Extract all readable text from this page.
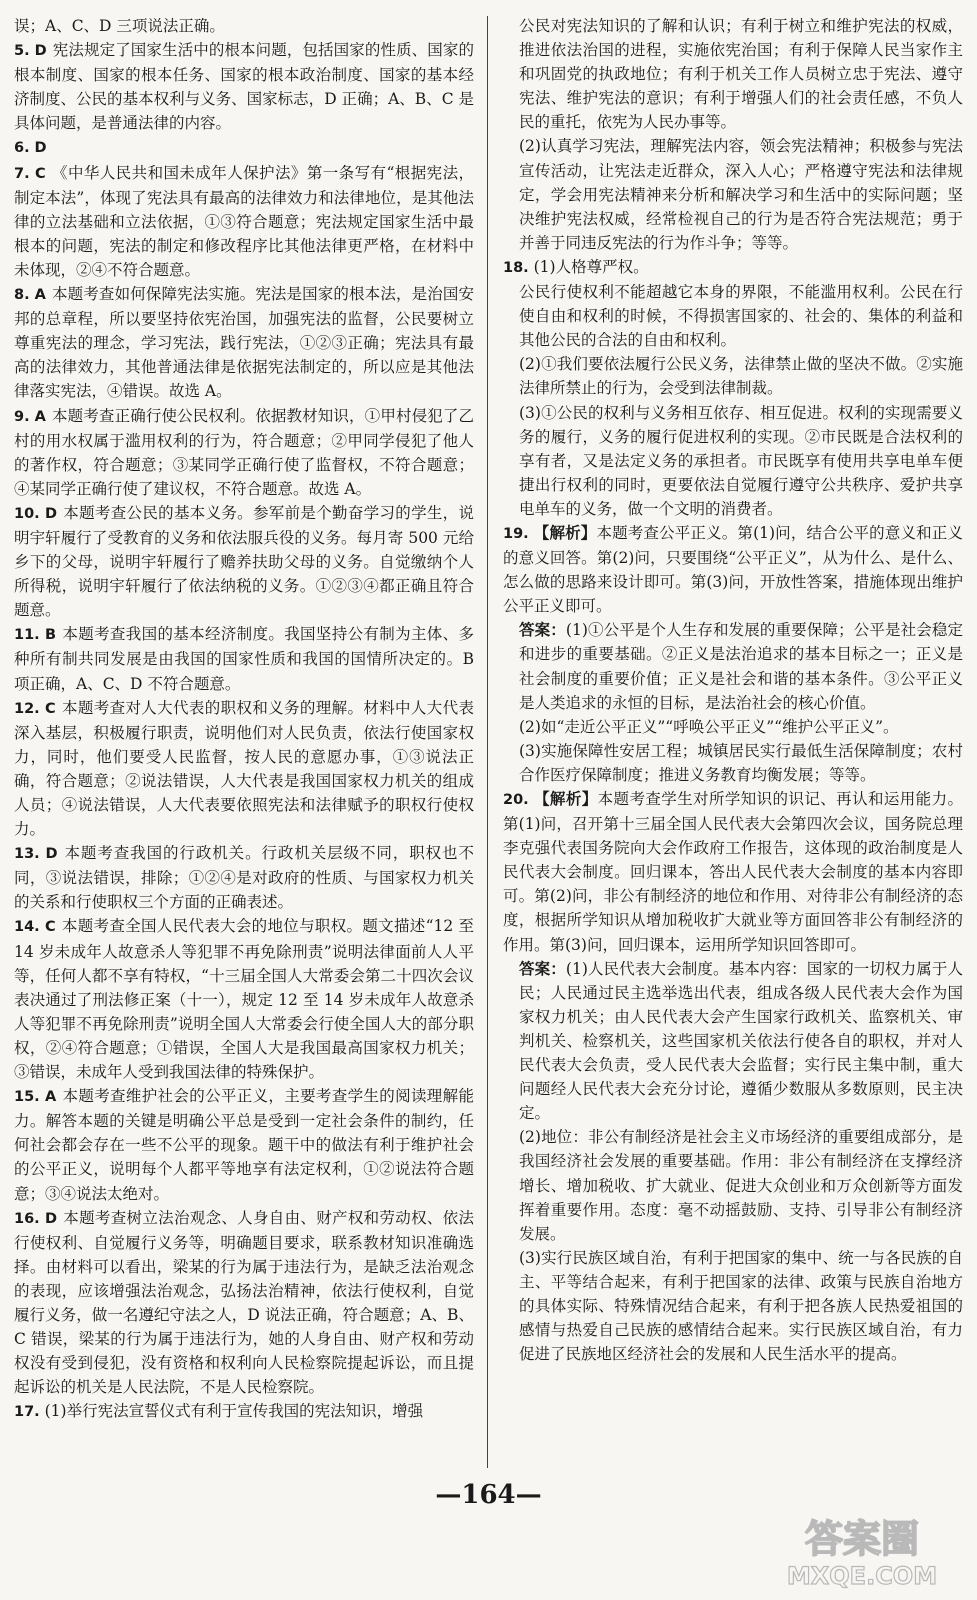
误；A、C、D 三项说法正确。

5. D 宪法规定了国家生活中的根本问题，包括国家的性质、国家的根本制度、国家的根本任务、国家的根本政治制度、国家的基本经济制度、公民的基本权利与义务、国家标志，D 正确；A、B、C 是具体问题，是普通法律的内容。

6. D

7. C 《中华人民共和国未成年人保护法》第一条写有“根据宪法，制定本法”，体现了宪法具有最高的法律效力和法律地位，是其他法律的立法基础和立法依据，①③符合题意；宪法规定国家生活中最根本的问题，宪法的制定和修改程序比其他法律更严格，在材料中未体现，②④不符合题意。

8. A 本题考查如何保障宪法实施。宪法是国家的根本法，是治国安邦的总章程，所以要坚持依宪治国，加强宪法的监督，公民要树立尊重宪法的理念，学习宪法，践行宪法，①②③正确；宪法具有最高的法律效力，其他普通法律是依据宪法制定的，所以应是其他法律落实宪法，④错误。故选 A。

9. A 本题考查正确行使公民权利。依据教材知识，①甲村侵犯了乙村的用水权属于滥用权利的行为，符合题意；②甲同学侵犯了他人的著作权，符合题意；③某同学正确行使了监督权，不符合题意；④某同学正确行使了建议权，不符合题意。故选 A。

10. D 本题考查公民的基本义务。参军前是个勤奋学习的学生，说明宇轩履行了受教育的义务和依法服兵役的义务。每月寄 500 元给乡下的父母，说明宇轩履行了赡养扶助父母的义务。自觉缴纳个人所得税，说明宇轩履行了依法纳税的义务。①②③④都正确且符合题意。

11. B 本题考查我国的基本经济制度。我国坚持公有制为主体、多种所有制共同发展是由我国的国家性质和我国的国情所决定的。B 项正确，A、C、D 不符合题意。

12. C 本题考查对人大代表的职权和义务的理解。材料中人大代表深入基层，积极履行职责，说明他们对人民负责，依法行使国家权力，同时，他们要受人民监督，按人民的意愿办事，①③说法正确，符合题意；②说法错误，人大代表是我国国家权力机关的组成人员；④说法错误，人大代表要依照宪法和法律赋予的职权行使权力。

13. D 本题考查我国的行政机关。行政机关层级不同，职权也不同，③说法错误，排除；①②④是对政府的性质、与国家权力机关的关系和行使职权三个方面的正确表述。

14. C 本题考查全国人民代表大会的地位与职权。题文描述“12 至 14 岁未成年人故意杀人等犯罪不再免除刑责”说明法律面前人人平等，任何人都不享有特权，“十三届全国人大常委会第二十四次会议表决通过了刑法修正案（十一），规定 12 至 14 岁未成年人故意杀人等犯罪不再免除刑责”说明全国人大常委会行使全国人大的部分职权，②④符合题意；①错误，全国人大是我国最高国家权力机关；③错误，未成年人受到我国法律的特殊保护。

15. A 本题考查维护社会的公平正义，主要考查学生的阅读理解能力。解答本题的关键是明确公平总是受到一定社会条件的制约，任何社会都会存在一些不公平的现象。题干中的做法有利于维护社会的公平正义，说明每个人都平等地享有法定权利，①②说法符合题意；③④说法太绝对。

16. D 本题考查树立法治观念、人身自由、财产权和劳动权、依法行使权利、自觉履行义务等，明确题目要求，联系教材知识准确选择。由材料可以看出，梁某的行为属于违法行为，是缺乏法治观念的表现，应该增强法治观念，弘扬法治精神，依法行使权利，自觉履行义务，做一名遵纪守法之人，D 说法正确，符合题意；A、B、C 错误，梁某的行为属于违法行为，她的人身自由、财产权和劳动权没有受到侵犯，没有资格和权利向人民检察院提起诉讼，而且提起诉讼的机关是人民法院，不是人民检察院。

17. (1)举行宪法宣誓仪式有利于宣传我国的宪法知识，增强

公民对宪法知识的了解和认识；有利于树立和维护宪法的权威，推进依法治国的进程，实施依宪治国；有利于保障人民当家作主和巩固党的执政地位；有利于机关工作人员树立忠于宪法、遵守宪法、维护宪法的意识；有利于增强人们的社会责任感，不负人民的重托，依宪为人民办事等。

(2)认真学习宪法，理解宪法内容，领会宪法精神；积极参与宪法宣传活动，让宪法走近群众，深入人心；严格遵守宪法和法律规定，学会用宪法精神来分析和解决学习和生活中的实际问题；坚决维护宪法权威，经常检视自己的行为是否符合宪法规范；勇于并善于同违反宪法的行为作斗争；等等。

18. (1)人格尊严权。

公民行使权利不能超越它本身的界限，不能滥用权利。公民在行使自由和权利的时候，不得损害国家的、社会的、集体的利益和其他公民的合法的自由和权利。

(2)①我们要依法履行公民义务，法律禁止做的坚决不做。②实施法律所禁止的行为，会受到法律制裁。

(3)①公民的权利与义务相互依存、相互促进。权利的实现需要义务的履行，义务的履行促进权利的实现。②市民既是合法权利的享有者，又是法定义务的承担者。市民既享有使用共享电单车便捷出行权利的同时，更要依法自觉履行遵守公共秩序、爱护共享电单车的义务，做一个文明的消费者。

19. 【解析】本题考查公平正义。第(1)问，结合公平的意义和正义的意义回答。第(2)问，只要围绕“公平正义”，从为什么、是什么、怎么做的思路来设计即可。第(3)问，开放性答案，措施体现出维护公平正义即可。

答案：(1)①公平是个人生存和发展的重要保障；公平是社会稳定和进步的重要基础。②正义是法治追求的基本目标之一；正义是社会制度的重要价值；正义是社会和谐的基本条件。③公平正义是人类追求的永恒的目标，是法治社会的核心价值。

(2)如“走近公平正义”“呼唤公平正义”“维护公平正义”。

(3)实施保障性安居工程；城镇居民实行最低生活保障制度；农村合作医疗保障制度；推进义务教育均衡发展；等等。

20. 【解析】本题考查学生对所学知识的识记、再认和运用能力。第(1)问，召开第十三届全国人民代表大会第四次会议，国务院总理李克强代表国务院向大会作政府工作报告，这体现的政治制度是人民代表大会制度。回归课本，答出人民代表大会制度的基本内容即可。第(2)问，非公有制经济的地位和作用、对待非公有制经济的态度，根据所学知识从增加税收扩大就业等方面回答非公有制经济的作用。第(3)问，回归课本，运用所学知识回答即可。

答案：(1)人民代表大会制度。基本内容：国家的一切权力属于人民；人民通过民主选举选出代表，组成各级人民代表大会作为国家权力机关；由人民代表大会产生国家行政机关、监察机关、审判机关、检察机关，这些国家机关依法行使各自的职权，并对人民代表大会负责，受人民代表大会监督；实行民主集中制，重大问题经人民代表大会充分讨论，遵循少数服从多数原则，民主决定。

(2)地位：非公有制经济是社会主义市场经济的重要组成部分，是我国经济社会发展的重要基础。作用：非公有制经济在支撑经济增长、增加税收、扩大就业、促进大众创业和万众创新等方面发挥着重要作用。态度：毫不动摇鼓励、支持、引导非公有制经济发展。

(3)实行民族区域自治，有利于把国家的集中、统一与各民族的自主、平等结合起来，有利于把国家的法律、政策与民族自治地方的具体实际、特殊情况结合起来，有利于把各族人民热爱祖国的感情与热爱自己民族的感情结合起来。实行民族区域自治，有力促进了民族地区经济社会的发展和人民生活水平的提高。

—164—
答案圈
MXQE.COM
